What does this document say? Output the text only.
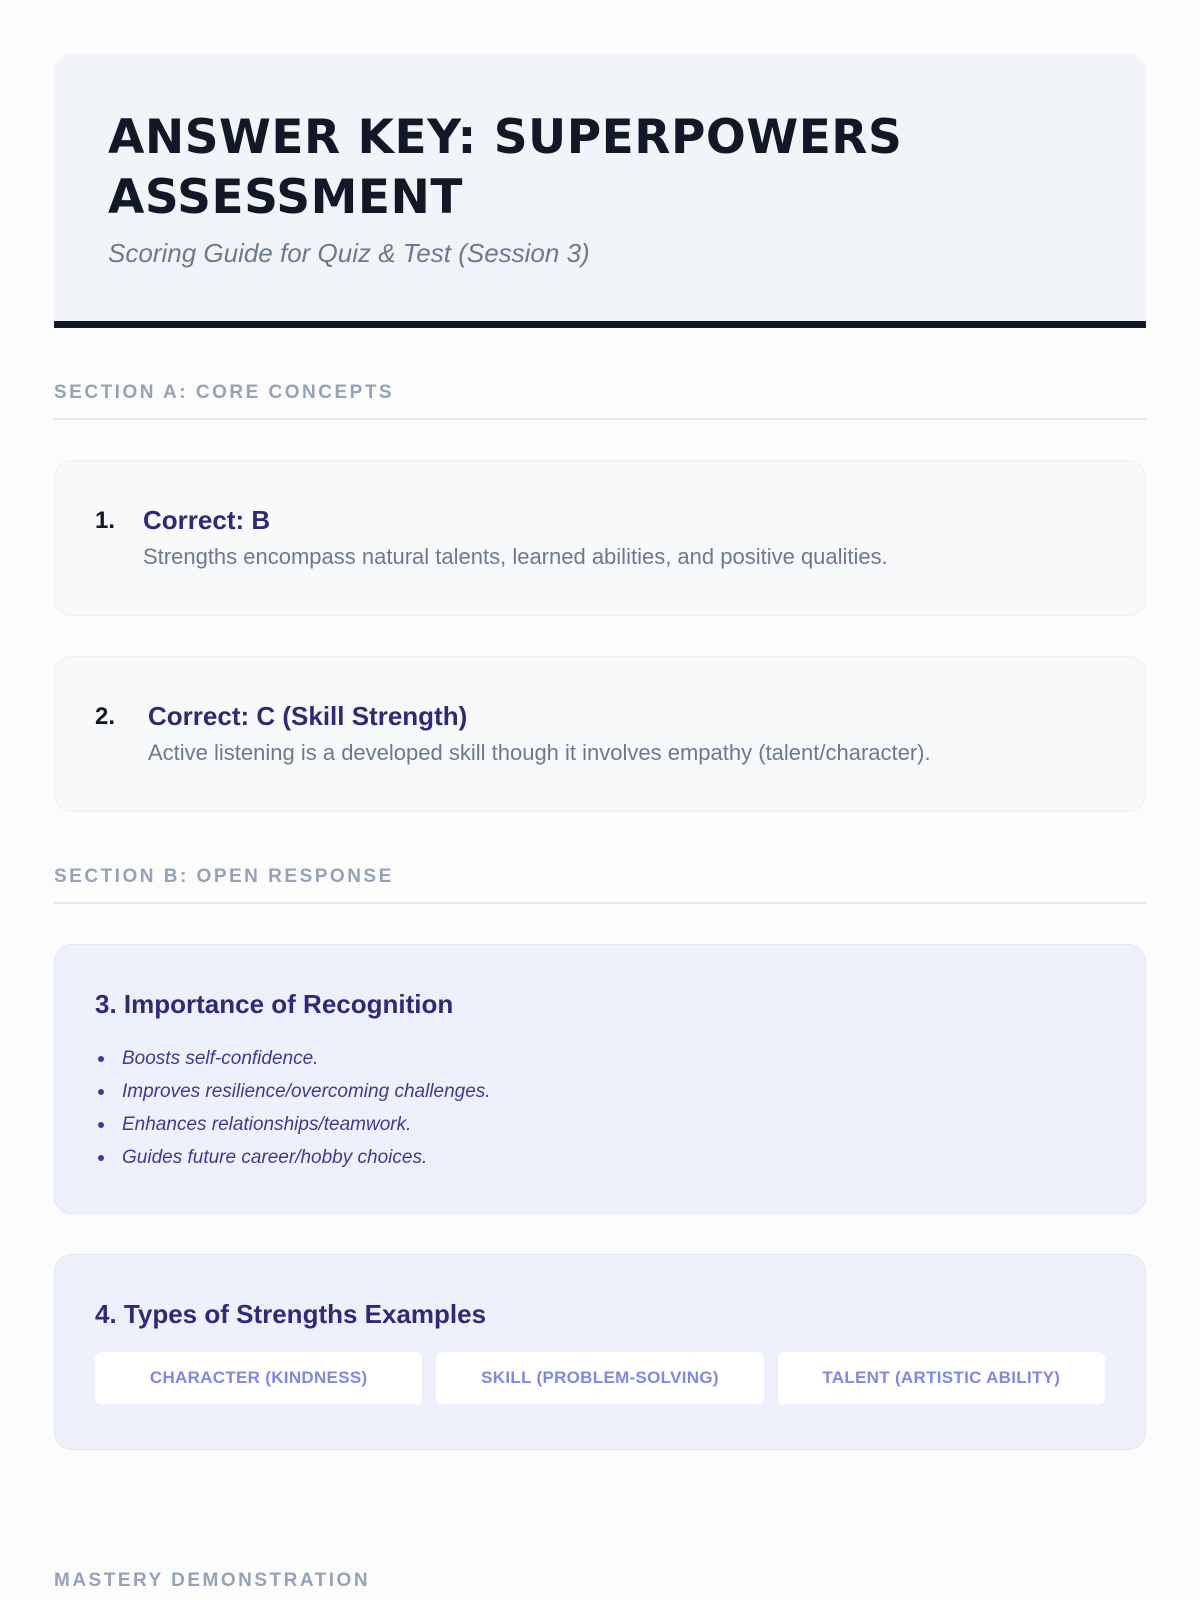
ANSWER KEY: SUPERPOWERS ASSESSMENT
Scoring Guide for Quiz & Test (Session 3)
SECTION A: CORE CONCEPTS
1.	Correct: B
Strengths encompass natural talents, learned abilities, and positive qualities.
2.	Correct: C (Skill Strength)
Active listening is a developed skill though it involves empathy (talent/character).
SECTION B: OPEN RESPONSE
3. Importance of Recognition
Boosts self-confidence.
Improves resilience/overcoming challenges.
Enhances relationships/teamwork.
Guides future career/hobby choices.
4. Types of Strengths Examples
CHARACTER (KINDNESS)	SKILL (PROBLEM-SOLVING)	TALENT (ARTISTIC ABILITY)
MASTERY DEMONSTRATION
